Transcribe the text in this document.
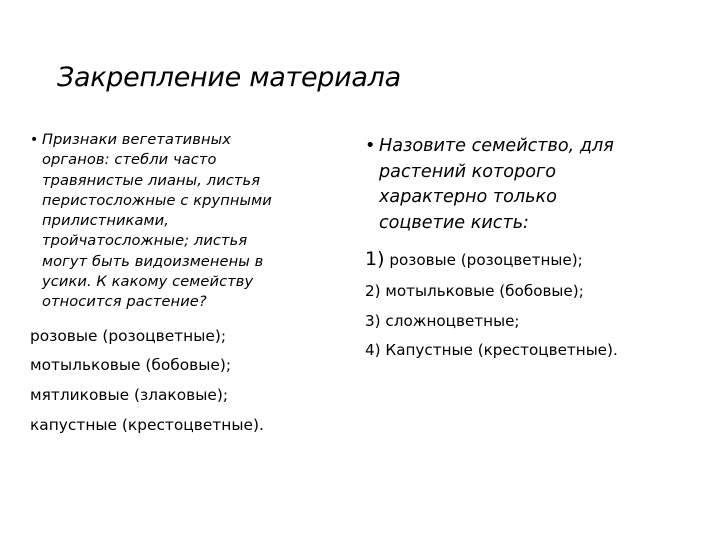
Закрепление материала
• Признаки вегетативных
органов: стебли часто
травянистые лианы, листья
перистосложные с крупными
прилистниками,
тройчатосложные; листья
могут быть видоизменены в
усики. К какому семейству
относится растение?
розовые (розоцветные);
мотыльковые (бобовые);
мятликовые (злаковые);
капустные (крестоцветные).
• Назовите семейство, для
растений которого
характерно только
соцветие кисть:
1) розовые (розоцветные);
2) мотыльковые (бобовые);
3) сложноцветные;
4) Капустные (крестоцветные).
